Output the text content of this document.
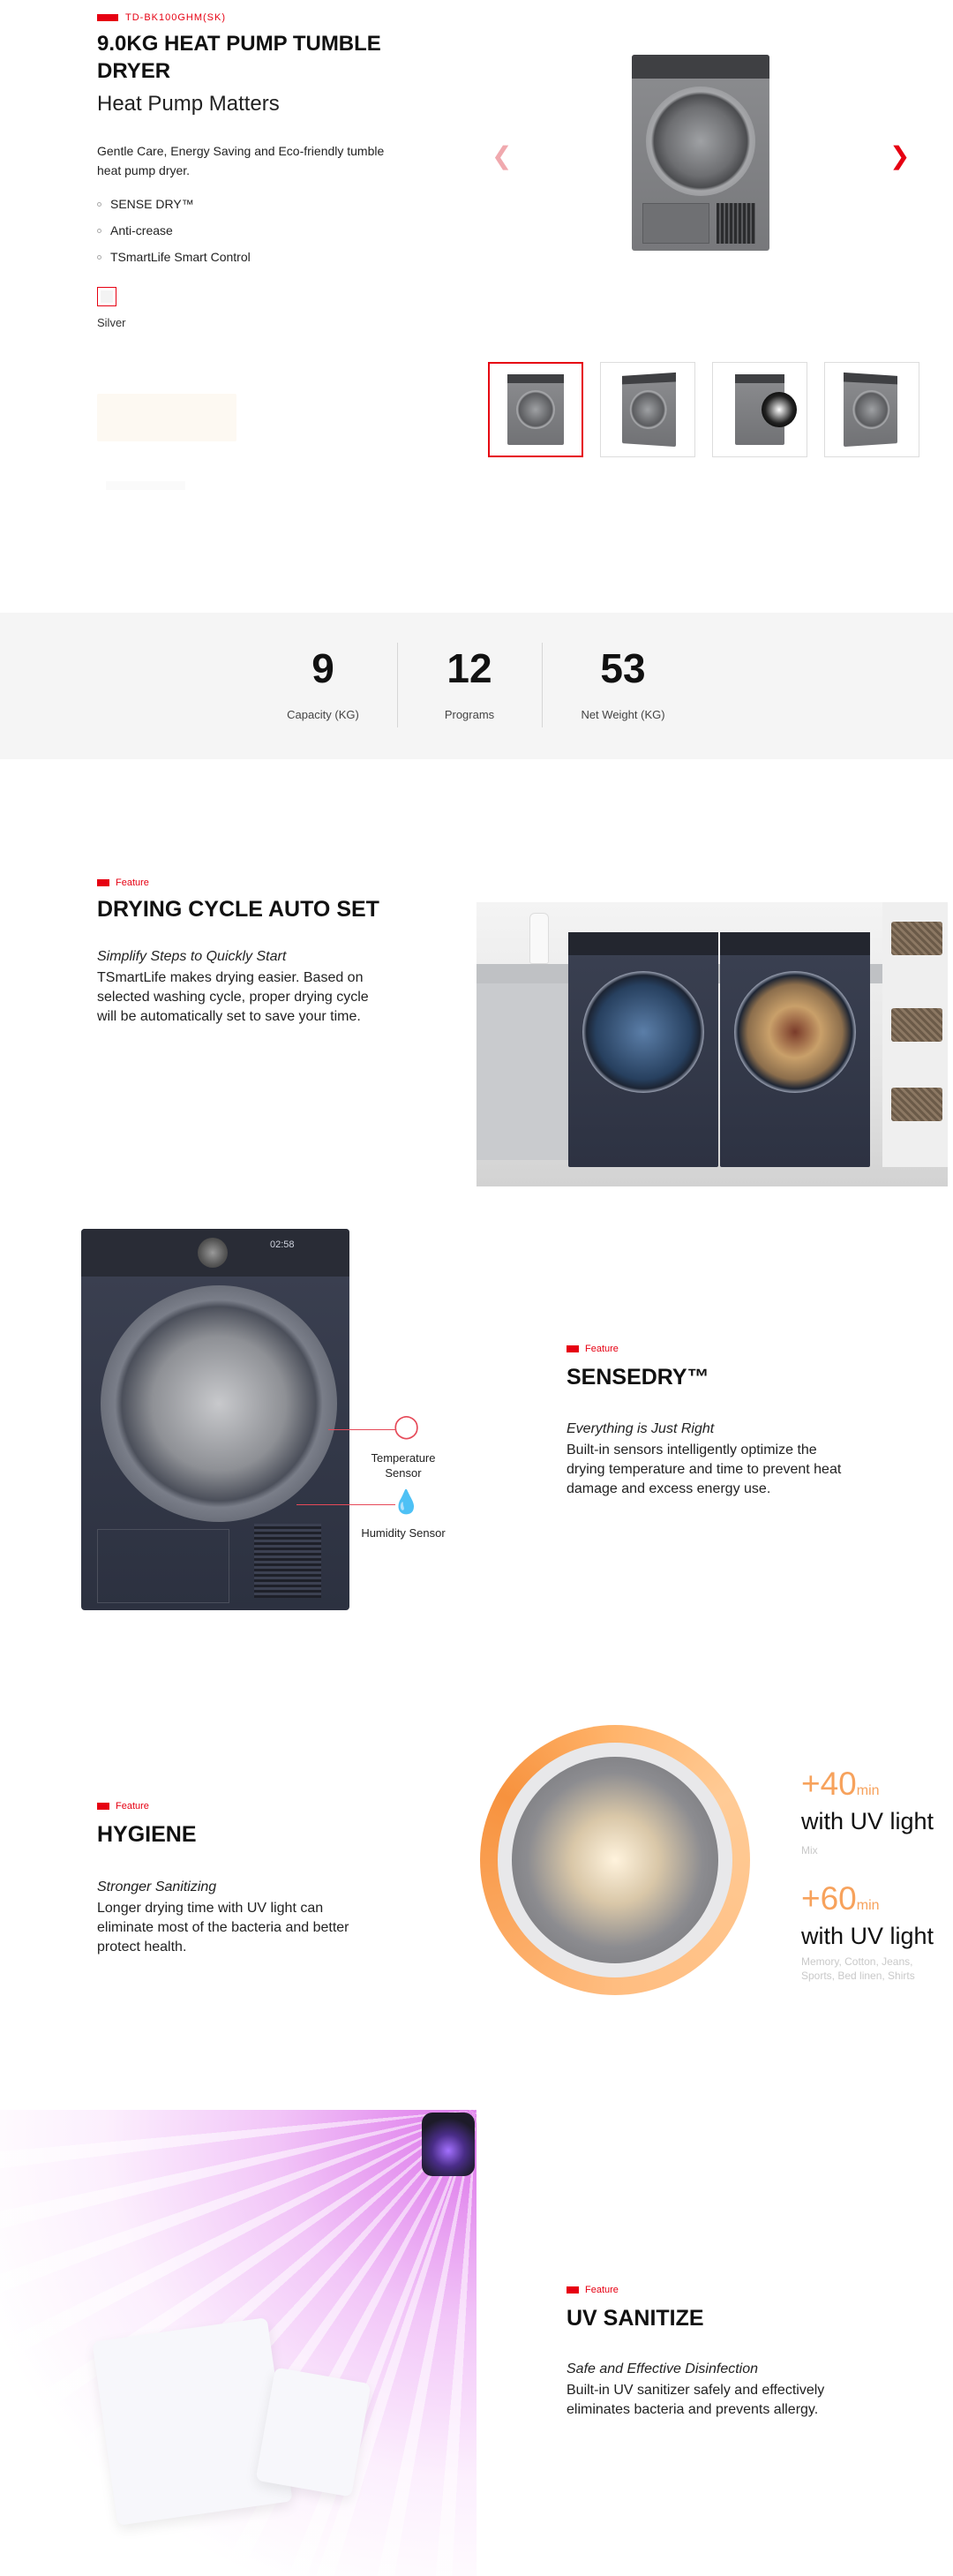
TD-BK100GHM(SK)
9.0KG HEAT PUMP TUMBLE DRYER
Heat Pump Matters

Gentle Care, Energy Saving and Eco-friendly tumble heat pump dryer.

SENSE DRY™
Anti-crease
TSmartLife Smart Control
Silver
❮	❯
9
Capacity (KG)
12
Programs
53
Net Weight (KG)
Feature
DRYING CYCLE AUTO SET
Simplify Steps to Quickly Start

TSmartLife makes drying easier. Based on selected washing cycle, proper drying cycle will be automatically set to save your time.

02:58
◯
Temperature Sensor
💧
Humidity Sensor
Feature
SENSEDRY™
Everything is Just Right

Built-in sensors intelligently optimize the drying temperature and time to prevent heat damage and excess energy use.

Feature
HYGIENE
Stronger Sanitizing

Longer drying time with UV light can eliminate most of the bacteria and better protect health.

+40min
with UV light
Mix
+60min
with UV light
Memory, Cotton, Jeans, Sports, Bed linen, Shirts
Feature
UV SANITIZE
Safe and Effective Disinfection

Built-in UV sanitizer safely and effectively eliminates bacteria and prevents allergy.
